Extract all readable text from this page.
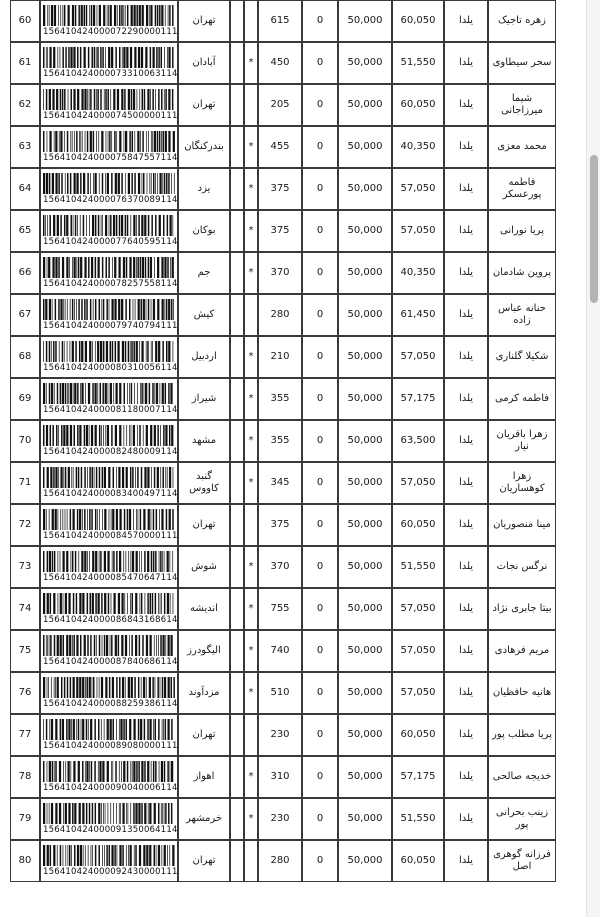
زهره تاجیک	یلدا	60,050	50,000	0	615			تهران	156410424000072290000111	60
سحر سیطاوی	یلدا	51,550	50,000	0	450	*		آبادان	156410424000073310063114	61
شیما میرزاجانی	یلدا	60,050	50,000	0	205			تهران	156410424000074500000111	62
محمد معزی	یلدا	40,350	50,000	0	455	*		بندرکنگان	156410424000075847557114	63
فاطمه پورعسکر	یلدا	57,050	50,000	0	375	*		یزد	156410424000076370089114	64
پریا نورانی	یلدا	57,050	50,000	0	375	*		بوکان	156410424000077640595114	65
پروین شادمان	یلدا	40,350	50,000	0	370	*		جم	156410424000078257558114	66
حنانه عباس زاده	یلدا	61,450	50,000	0	280			کیش	156410424000079740794111	67
شکیلا گلناری	یلدا	57,050	50,000	0	210	*		اردبیل	156410424000080310056114	68
فاطمه کرمی	یلدا	57,175	50,000	0	355	*		شیراز	156410424000081180007114	69
زهرا باقریان نیار	یلدا	63,500	50,000	0	355	*		مشهد	156410424000082480009114	70
زهرا کوهساریان	یلدا	57,050	50,000	0	345	*		گنبد کاووس	156410424000083400497114	71
مینا منصوریان	یلدا	60,050	50,000	0	375			تهران	156410424000084570000111	72
نرگس نجات	یلدا	51,550	50,000	0	370	*		شوش	156410424000085470647114	73
بیتا جابری نژاد	یلدا	57,050	50,000	0	755	*		اندیشه	156410424000086843168614	74
مریم فرهادی	یلدا	57,050	50,000	0	740	*		الیگودرز	156410424000087840686114	75
هانیه حافظیان	یلدا	57,050	50,000	0	510	*		مزدآوند	156410424000088259386114	76
پریا مطلب پور	یلدا	60,050	50,000	0	230			تهران	156410424000089080000111	77
خدیجه صالحی	یلدا	57,175	50,000	0	310	*		اهواز	156410424000090040006114	78
زینب بحرانی پور	یلدا	51,550	50,000	0	230	*		خرمشهر	156410424000091350064114	79
فرزانه گوهری اصل	یلدا	60,050	50,000	0	280			تهران	156410424000092430000111	80
